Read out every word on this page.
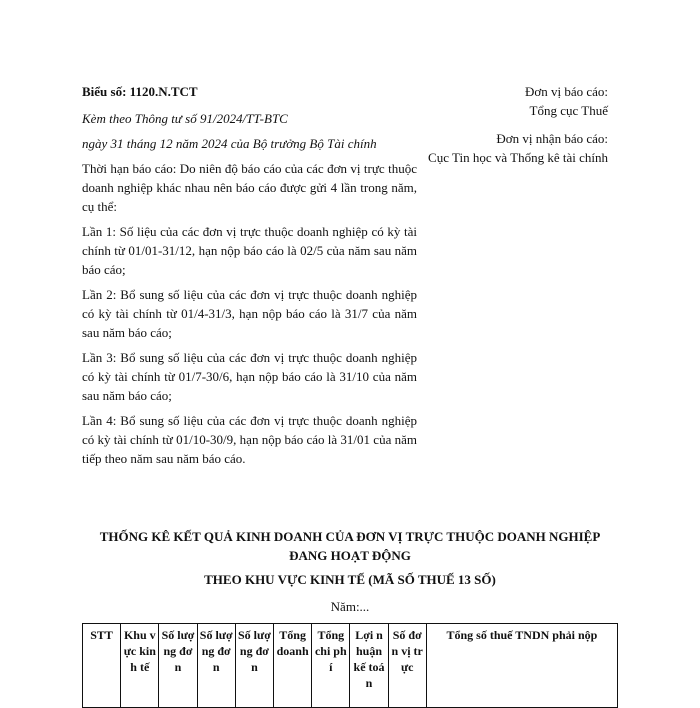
Biểu số: 1120.N.TCT

Kèm theo Thông tư số 91/2024/TT-BTC

ngày 31 tháng 12 năm 2024 của Bộ trưởng Bộ Tài chính

Thời hạn báo cáo: Do niên độ báo cáo của các đơn vị trực thuộc doanh nghiệp khác nhau nên báo cáo được gửi 4 lần trong năm, cụ thể:

Lần 1: Số liệu của các đơn vị trực thuộc doanh nghiệp có kỳ tài chính từ 01/01-31/12, hạn nộp báo cáo là 02/5 của năm sau năm báo cáo;

Lần 2: Bổ sung số liệu của các đơn vị trực thuộc doanh nghiệp có kỳ tài chính từ 01/4-31/3, hạn nộp báo cáo là 31/7 của năm sau năm báo cáo;

Lần 3: Bổ sung số liệu của các đơn vị trực thuộc doanh nghiệp có kỳ tài chính từ 01/7-30/6, hạn nộp báo cáo là 31/10 của năm sau năm báo cáo;

Lần 4: Bổ sung số liệu của các đơn vị trực thuộc doanh nghiệp có kỳ tài chính từ 01/10-30/9, hạn nộp báo cáo là 31/01 của năm tiếp theo năm sau năm báo cáo.

Đơn vị báo cáo:

Tổng cục Thuế

Đơn vị nhận báo cáo:

Cục Tin học và Thống kê tài chính

THỐNG KÊ KẾT QUẢ KINH DOANH CỦA ĐƠN VỊ TRỰC THUỘC DOANH NGHIỆP ĐANG HOẠT ĐỘNG
THEO KHU VỰC KINH TẾ (MÃ SỐ THUẾ 13 SỐ)
Năm:...
STT	Khu vực kinh tế	Số lượng đơn	Số lượng đơn	Số lượng đơn	Tổng doanh	Tổng chi phí	Lợi nhuận kế toán	Số đơn vị trực	Tổng số thuế TNDN phải nộp
